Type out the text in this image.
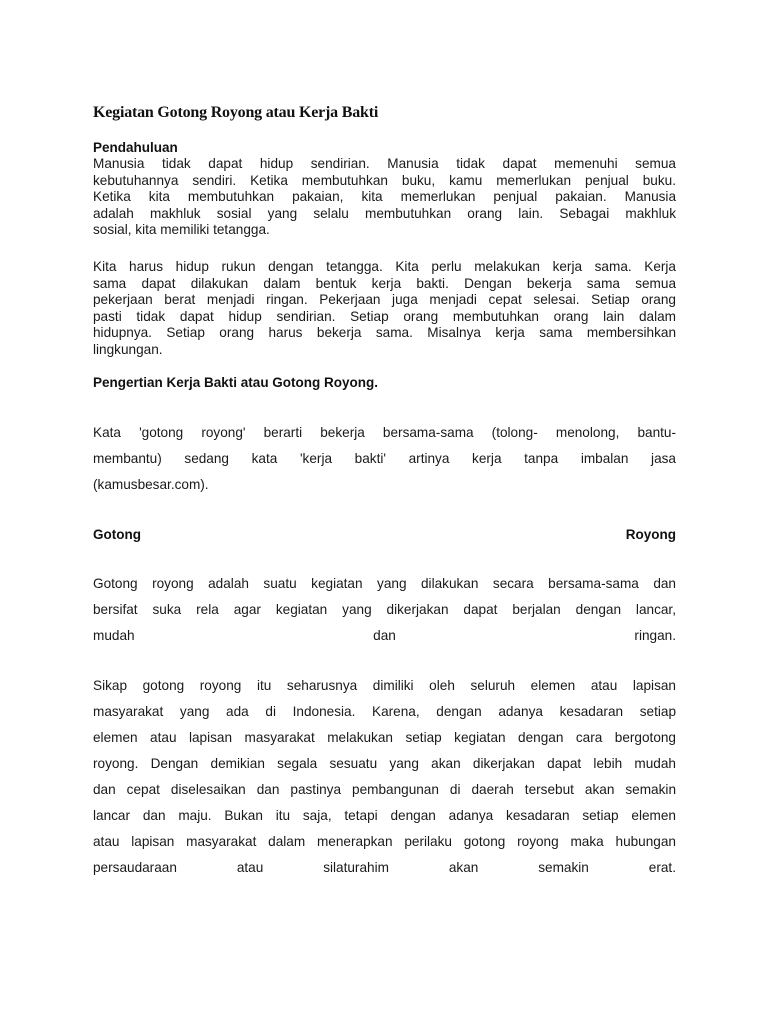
Kegiatan Gotong Royong atau Kerja Bakti
Pendahuluan
Manusia tidak dapat hidup sendirian. Manusia tidak dapat memenuhi semua
kebutuhannya sendiri. Ketika membutuhkan buku, kamu memerlukan penjual buku.
Ketika kita membutuhkan pakaian, kita memerlukan penjual pakaian. Manusia
adalah makhluk sosial yang selalu membutuhkan orang lain. Sebagai makhluk
sosial, kita memiliki tetangga.
Kita harus hidup rukun dengan tetangga. Kita perlu melakukan kerja sama. Kerja
sama dapat dilakukan dalam bentuk kerja bakti. Dengan bekerja sama semua
pekerjaan berat menjadi ringan. Pekerjaan juga menjadi cepat selesai. Setiap orang
pasti tidak dapat hidup sendirian. Setiap orang membutuhkan orang lain dalam
hidupnya. Setiap orang harus bekerja sama. Misalnya kerja sama membersihkan
lingkungan.
Pengertian Kerja Bakti atau Gotong Royong.
Kata 'gotong royong' berarti bekerja bersama-sama (tolong- menolong, bantu-
membantu) sedang kata 'kerja bakti' artinya kerja tanpa imbalan jasa
(kamusbesar.com).
Gotong	Royong
Gotong royong adalah suatu kegiatan yang dilakukan secara bersama-sama dan
bersifat suka rela agar kegiatan yang dikerjakan dapat berjalan dengan lancar,
mudah dan ringan.
Sikap gotong royong itu seharusnya dimiliki oleh seluruh elemen atau lapisan
masyarakat yang ada di Indonesia. Karena, dengan adanya kesadaran setiap
elemen atau lapisan masyarakat melakukan setiap kegiatan dengan cara bergotong
royong. Dengan demikian segala sesuatu yang akan dikerjakan dapat lebih mudah
dan cepat diselesaikan dan pastinya pembangunan di daerah tersebut akan semakin
lancar dan maju. Bukan itu saja, tetapi dengan adanya kesadaran setiap elemen
atau lapisan masyarakat dalam menerapkan perilaku gotong royong maka hubungan
persaudaraan atau silaturahim akan semakin erat.
